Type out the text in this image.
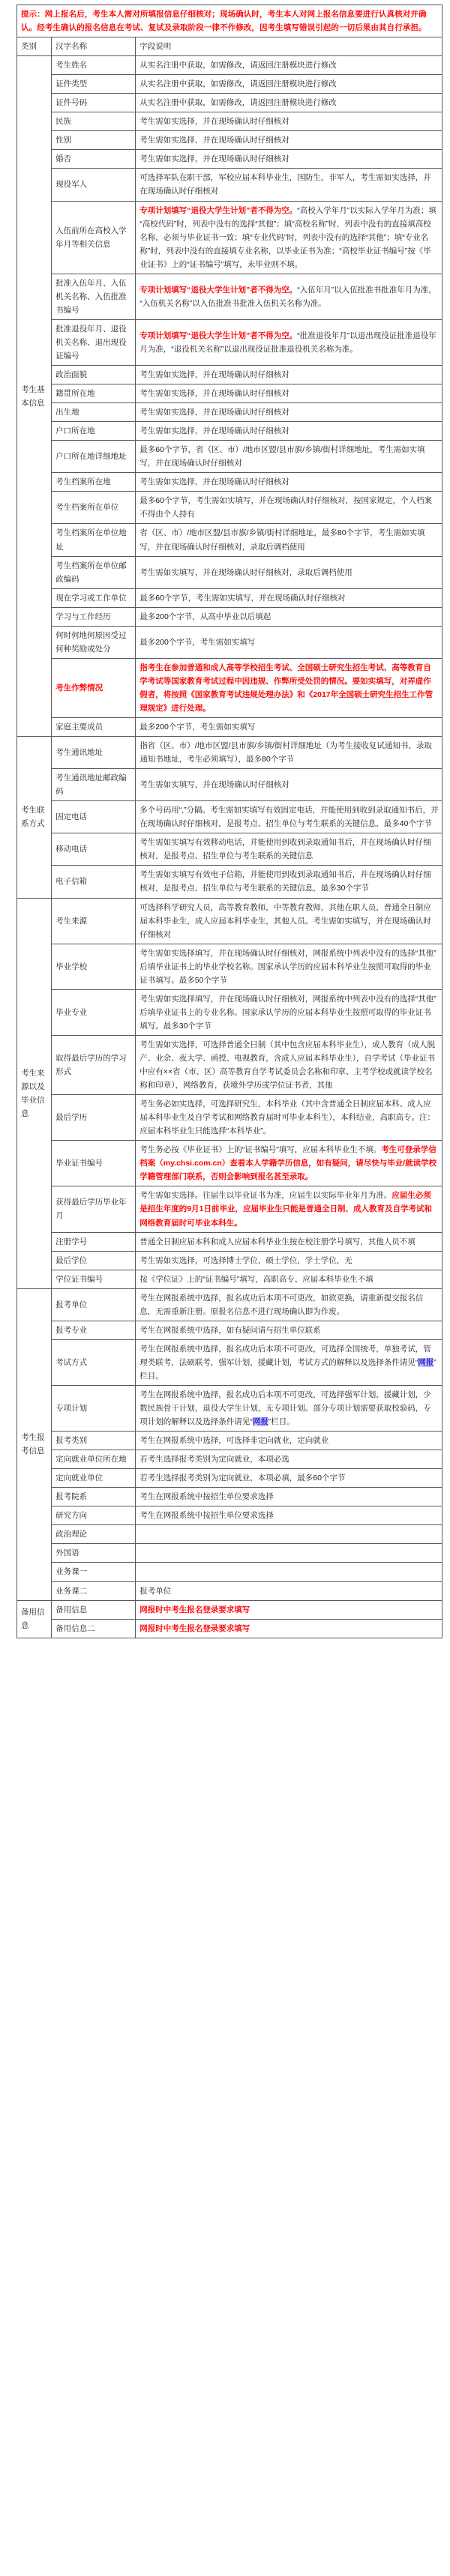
提示：网上报名后，考生本人需对所填报信息仔细核对；现场确认时，考生本人对网上报名信息要进行认真核对并确认。经考生确认的报名信息在考试、复试及录取阶段一律不作修改，因考生填写错误引起的一切后果由其自行承担。		
类别	汉字名称	字段说明
考生基本信息	考生姓名	从实名注册中获取，如需修改，请返回注册模块进行修改
	证件类型	从实名注册中获取，如需修改，请返回注册模块进行修改
	证件号码	从实名注册中获取，如需修改，请返回注册模块进行修改
	民族	考生需如实选择，并在现场确认时仔细核对
	性别	考生需如实选择，并在现场确认时仔细核对
	婚否	考生需如实选择，并在现场确认时仔细核对
	现役军人	可选择军队在职干部，军校应届本科毕业生，国防生，非军人，考生需如实选择，并在现场确认时仔细核对
	入伍前所在高校入学年月等相关信息	专项计划填写“退役大学生计划”者不得为空。“高校入学年月”以实际入学年月为准；填“高校代码”时，列表中没有的选择“其他”；填“高校名称”时，列表中没有的直接填高校名称，必须与毕业证书一致；填“专业代码”时，列表中没有的选择“其他”；填“专业名称”时，列表中没有的直接填专业名称，以毕业证书为准；“高校毕业证书编号”按《毕业证书》上的“证书编号”填写，未毕业则不填。
	批准入伍年月、入伍机关名称、入伍批准书编号	专项计划填写“退役大学生计划”者不得为空。“入伍年月”以入伍批准书批准年月为准，“入伍机关名称”以入伍批准书批准入伍机关名称为准。
	批准退役年月、退役机关名称、退出现役证编号	专项计划填写“退役大学生计划”者不得为空。“批准退役年月”以退出现役证批准退役年月为准，“退役机关名称”以退出现役证批准退役机关名称为准。
	政治面貌	考生需如实选择，并在现场确认时仔细核对
	籍贯所在地	考生需如实选择，并在现场确认时仔细核对
	出生地	考生需如实选择，并在现场确认时仔细核对
	户口所在地	考生需如实选择，并在现场确认时仔细核对
	户口所在地详细地址	最多60个字节，省（区、市）/地市区盟/县市旗/乡镇/街村详细地址，考生需如实填写，并在现场确认时仔细核对
	考生档案所在地	考生需如实选择，并在现场确认时仔细核对
	考生档案所在单位	最多60个字节，考生需如实填写，并在现场确认时仔细核对，按国家规定，个人档案不得由个人持有
	考生档案所在单位地址	省（区、市）/地市区盟/县市旗/乡镇/街村详细地址，最多80个字节，考生需如实填写，并在现场确认时仔细核对，录取后调档使用
	考生档案所在单位邮政编码	考生需如实填写，并在现场确认时仔细核对，录取后调档使用
	现在学习或工作单位	最多60个字节，考生需如实填写，并在现场确认时仔细核对
	学习与工作经历	最多200个字节，从高中毕业以后填起
	何时何地何原因受过何种奖励或处分	最多200个字节，考生需如实填写
	考生作弊情况	指考生在参加普通和成人高等学校招生考试、全国硕士研究生招生考试、高等教育自学考试等国家教育考试过程中因违规、作弊所受处罚的情况。要如实填写，对弄虚作假者，将按照《国家教育考试违规处理办法》和《2017年全国硕士研究生招生工作管理规定》进行处理。
	家庭主要成员	最多200个字节，考生需如实填写
考生联系方式	考生通讯地址	指省（区、市）/地市区盟/县市旗/乡镇/街村详细地址（为考生接收复试通知书、录取通知书地址，考生必须填写），最多80个字节
	考生通讯地址邮政编码	考生需如实填写，并在现场确认时仔细核对
	固定电话	多个号码用“,”分隔。考生需如实填写有效固定电话，并能使用到收到录取通知书后，并在现场确认时仔细核对，是报考点、招生单位与考生联系的关键信息，最多40个字节
	移动电话	考生需如实填写有效移动电话，并能使用到收到录取通知书后，并在现场确认时仔细核对，是报考点、招生单位与考生联系的关键信息
	电子信箱	考生需如实填写有效电子信箱，并能使用到收到录取通知书后，并在现场确认时仔细核对，是报考点、招生单位与考生联系的关键信息，最多30个字节
考生来源以及毕业信息	考生来源	可选择科学研究人员，高等教育教师，中等教育教师，其他在职人员，普通全日制应届本科毕业生，成人应届本科毕业生，其他人员。考生需如实填写，并在现场确认时仔细核对
	毕业学校	考生需如实选择填写，并在现场确认时仔细核对，网报系统中列表中没有的选择“其他”后填毕业证书上的毕业学校名称。国家承认学历的应届本科毕业生按照可取得的毕业证书填写。最多50个字节
	毕业专业	考生需如实选择填写，并在现场确认时仔细核对，网报系统中列表中没有的选择“其他”后填毕业证书上的专业名称。国家承认学历的应届本科毕业生按照可取得的毕业证书填写。最多30个字节
	取得最后学历的学习形式	考生需如实选择，可选择普通全日制（其中包含应届本科毕业生），成人教育（成人脱产、业余、夜大学、函授、电视教育，含成人应届本科毕业生），自学考试（毕业证书中应有××省（市、区）高等教育自学考试委员会名称和印章、主考学校或就读学校名称和印章），网络教育，获境外学历或学位证书者，其他
	最后学历	考生务必如实选择，可选择研究生，本科毕业（其中含普通全日制应届本科、成人应届本科毕业生及自学考试和网络教育届时可毕业本科生），本科结业，高职高专。注：应届本科毕业生只能选择“本科毕业”。
	毕业证书编号	考生务必按《毕业证书》上的“证书编号”填写，应届本科毕业生不填。考生可登录学信档案（my.chsi.com.cn）查看本人学籍学历信息，如有疑问，请尽快与毕业/就读学校学籍管理部门联系，否则会影响到报名甚至录取。
	获得最后学历毕业年月	考生需如实选择。往届生以毕业证书为准，应届生以实际毕业年月为准。应届生必须是招生年度的9月1日前毕业，应届毕业生只能是普通全日制、成人教育及自学考试和网络教育届时可毕业本科生。
	注册学号	普通全日制应届本科和成人应届本科毕业生按在校注册学号填写，其他人员不填
	最后学位	考生需如实选择，可选择博士学位，硕士学位，学士学位，无
	学位证书编号	按《学位证》上的“证书编号”填写，高职高专、应届本科毕业生不填
考生报考信息	报考单位	考生在网报系统中选择，报名成功后本项不可更改，如欲更换，请重新提交报名信息，无需重新注册。原报名信息不进行现场确认即为作废。
	报考专业	考生在网报系统中选择，如有疑问请与招生单位联系
	考试方式	考生在网报系统中选择，报名成功后本项不可更改，可选择全国统考，单独考试，管理类联考，法硕联考，强军计划，援藏计划，考试方式的解释以及选择条件请见“网报”栏目。
	专项计划	考生在网报系统中选择，报名成功后本项不可更改，可选择强军计划，援藏计划，少数民族骨干计划，退役大学生计划，无专项计划。部分专项计划需要获取校验码，专项计划的解释以及选择条件请见“网报”栏目。
	报考类别	考生在网报系统中选择，可选择非定向就业，定向就业
	定向就业单位所在地	若考生选择报考类别为定向就业，本项必选
	定向就业单位	若考生选择报考类别为定向就业，本项必填，最多60个字节
	报考院系	考生在网报系统中按招生单位要求选择
	研究方向	考生在网报系统中按招生单位要求选择
	政治理论	
	外国语	
	业务课一	
	业务课二	报考单位
备用信息	备用信息	网报时中考生报名登录要求填写
	备用信息二	网报时中考生报名登录要求填写
